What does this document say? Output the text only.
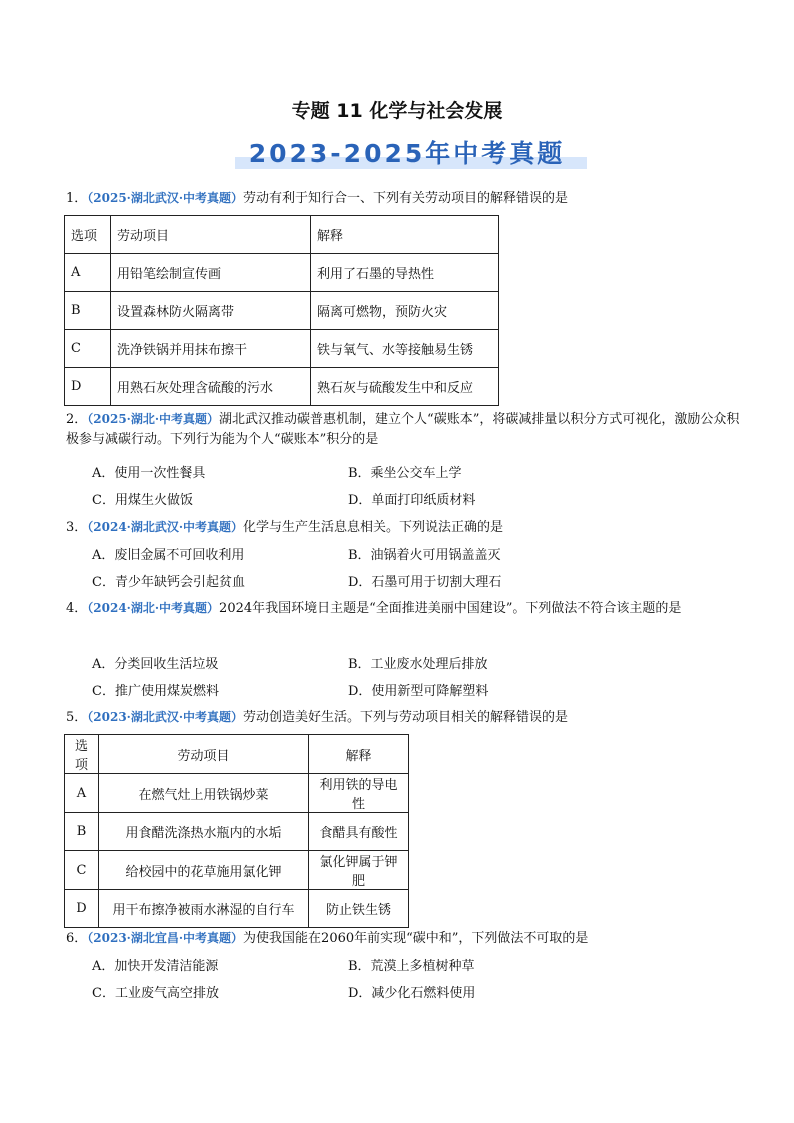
专题 11 化学与社会发展
2023-2025年中考真题
1．（2025·湖北武汉·中考真题）劳动有利于知行合一、下列有关劳动项目的解释错误的是
选项	劳动项目	解释
A	用铅笔绘制宣传画	利用了石墨的导热性
B	设置森林防火隔离带	隔离可燃物，预防火灾
C	洗净铁锅并用抹布擦干	铁与氧气、水等接触易生锈
D	用熟石灰处理含硫酸的污水	熟石灰与硫酸发生中和反应
2．（2025·湖北·中考真题）湖北武汉推动碳普惠机制，建立个人“碳账本”，将碳减排量以积分方式可视化，激励公众积极参与减碳行动。下列行为能为个人“碳账本”积分的是
A．使用一次性餐具	B．乘坐公交车上学
C．用煤生火做饭	D．单面打印纸质材料
3．（2024·湖北武汉·中考真题）化学与生产生活息息相关。下列说法正确的是
A．废旧金属不可回收利用	B．油锅着火可用锅盖盖灭
C．青少年缺钙会引起贫血	D．石墨可用于切割大理石
4．（2024·湖北·中考真题）2024年我国环境日主题是“全面推进美丽中国建设”。下列做法不符合该主题的是
A．分类回收生活垃圾	B．工业废水处理后排放
C．推广使用煤炭燃料	D．使用新型可降解塑料
5．（2023·湖北武汉·中考真题）劳动创造美好生活。下列与劳动项目相关的解释错误的是
选项	劳动项目	解释
A	在燃气灶上用铁锅炒菜	利用铁的导电性
B	用食醋洗涤热水瓶内的水垢	食醋具有酸性
C	给校园中的花草施用氯化钾	氯化钾属于钾肥
D	用干布擦净被雨水淋湿的自行车	防止铁生锈
6．（2023·湖北宜昌·中考真题）为使我国能在2060年前实现“碳中和”，下列做法不可取的是
A．加快开发清洁能源	B．荒漠上多植树种草
C．工业废气高空排放	D．减少化石燃料使用
